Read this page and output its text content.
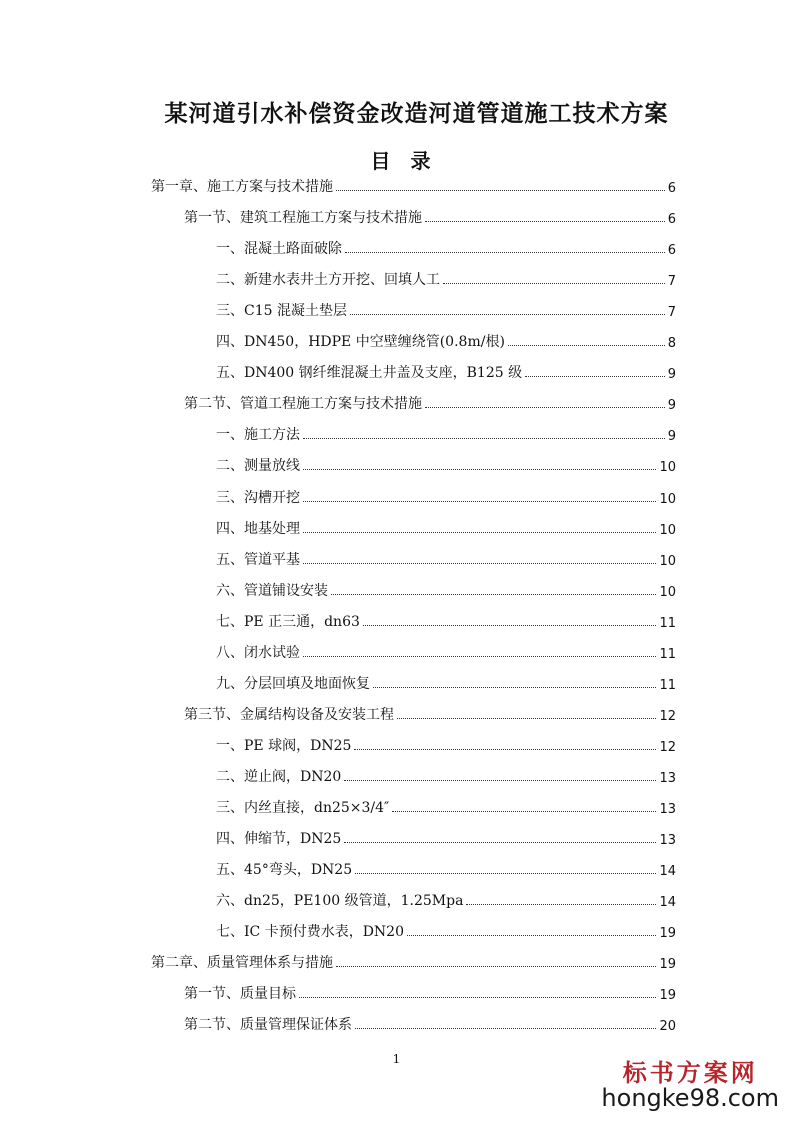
某河道引水补偿资金改造河道管道施工技术方案
目　录
第一章、施工方案与技术措施	6
第一节、建筑工程施工方案与技术措施	6
一、混凝土路面破除	6
二、新建水表井土方开挖、回填人工	7
三、C15 混凝土垫层	7
四、DN450，HDPE 中空壁缠绕管(0.8m/根)	8
五、DN400 钢纤维混凝土井盖及支座，B125 级	9
第二节、管道工程施工方案与技术措施	9
一、施工方法	9
二、测量放线	10
三、沟槽开挖	10
四、地基处理	10
五、管道平基	10
六、管道铺设安装	10
七、PE 正三通，dn63	11
八、闭水试验	11
九、分层回填及地面恢复	11
第三节、金属结构设备及安装工程	12
一、PE 球阀，DN25	12
二、逆止阀，DN20	13
三、内丝直接，dn25×3/4″	13
四、伸缩节，DN25	13
五、45°弯头，DN25	14
六、dn25，PE100 级管道，1.25Mpa	14
七、IC 卡预付费水表，DN20	19
第二章、质量管理体系与措施	19
第一节、质量目标	19
第二节、质量管理保证体系	20
1	标书方案网
hongke98.com
